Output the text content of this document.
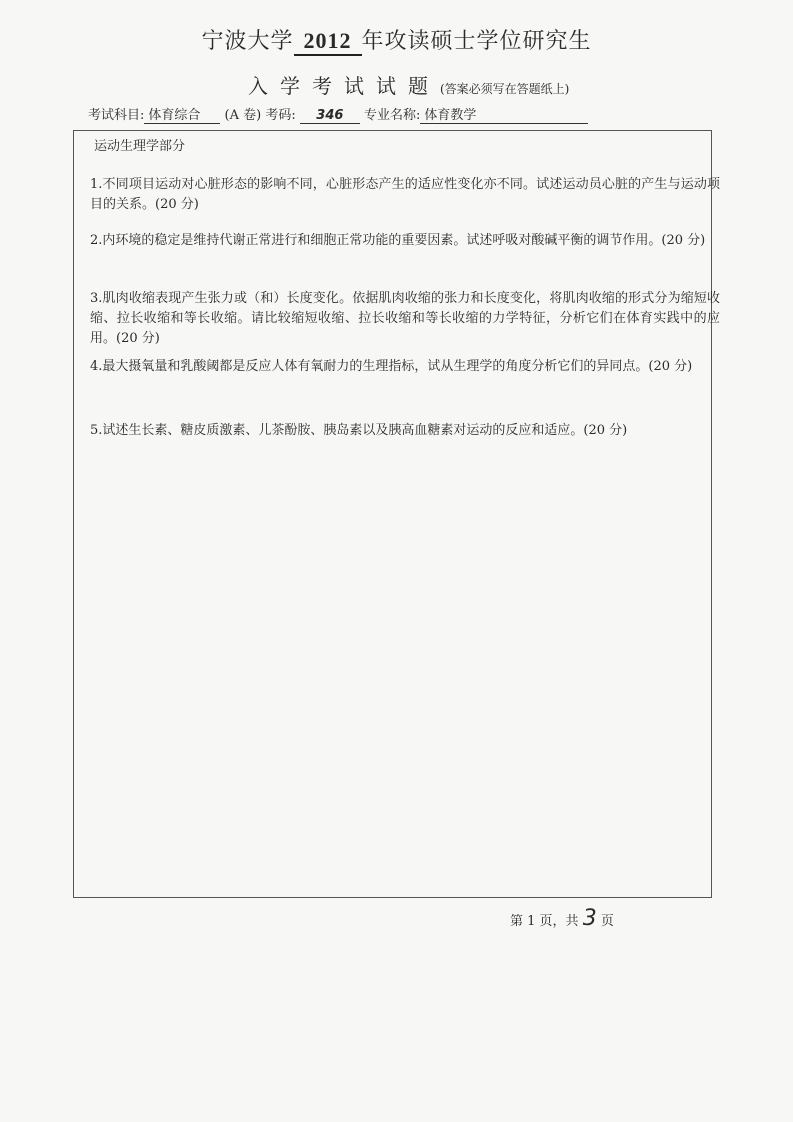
宁波大学 2012 年攻读硕士学位研究生
入学考试试题(答案必须写在答题纸上)
考试科目: 体育综合 (A 卷) 考码: 346 专业名称: 体育教学
运动生理学部分
1.不同项目运动对心脏形态的影响不同，心脏形态产生的适应性变化亦不同。试述运动员心脏的产生与运动项目的关系。(20 分)
2.内环境的稳定是维持代谢正常进行和细胞正常功能的重要因素。试述呼吸对酸碱平衡的调节作用。(20 分)
3.肌肉收缩表现产生张力或（和）长度变化。依据肌肉收缩的张力和长度变化，将肌肉收缩的形式分为缩短收缩、拉长收缩和等长收缩。请比较缩短收缩、拉长收缩和等长收缩的力学特征，分析它们在体育实践中的应用。(20 分)
4.最大摄氧量和乳酸阈都是反应人体有氧耐力的生理指标，试从生理学的角度分析它们的异同点。(20 分)
5.试述生长素、糖皮质激素、儿茶酚胺、胰岛素以及胰高血糖素对运动的反应和适应。(20 分)
第 1 页，共 3 页
